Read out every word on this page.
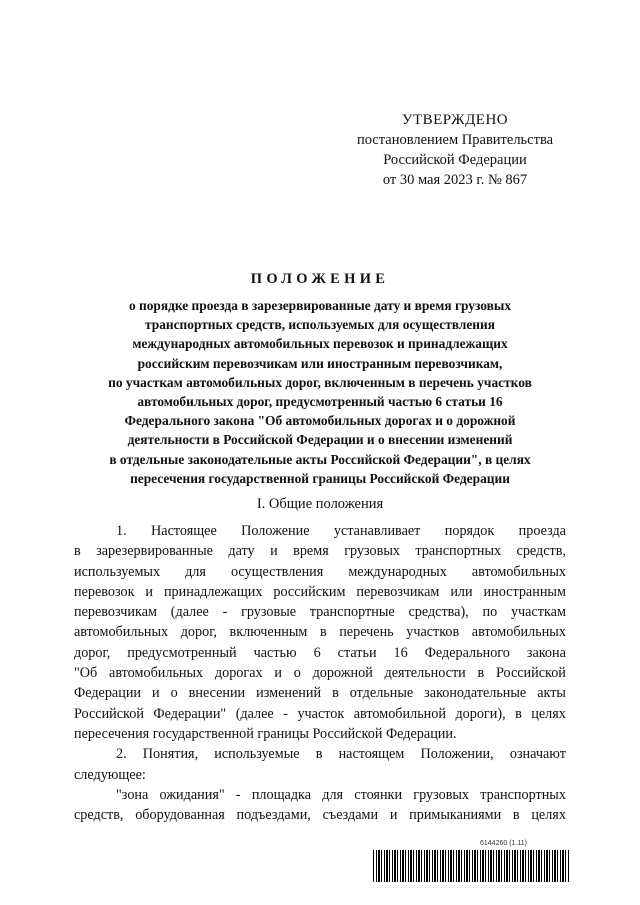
УТВЕРЖДЕНО
постановлением Правительства
Российской Федерации
от 30 мая 2023 г. № 867
ПОЛОЖЕНИЕ
о порядке проезда в зарезервированные дату и время грузовых
транспортных средств, используемых для осуществления
международных автомобильных перевозок и принадлежащих
российским перевозчикам или иностранным перевозчикам,
по участкам автомобильных дорог, включенным в перечень участков
автомобильных дорог, предусмотренный частью 6 статьи 16
Федерального закона "Об автомобильных дорогах и о дорожной
деятельности в Российской Федерации и о внесении изменений
в отдельные законодательные акты Российской Федерации", в целях
пересечения государственной границы Российской Федерации
I. Общие положения
1. Настоящее Положение устанавливает порядок проезда
в зарезервированные дату и время грузовых транспортных средств,
используемых для осуществления международных автомобильных
перевозок и принадлежащих российским перевозчикам или иностранным
перевозчикам (далее - грузовые транспортные средства), по участкам
автомобильных дорог, включенным в перечень участков автомобильных
дорог, предусмотренный частью 6 статьи 16 Федерального закона
"Об автомобильных дорогах и о дорожной деятельности в Российской
Федерации и о внесении изменений в отдельные законодательные акты
Российской Федерации" (далее - участок автомобильной дороги), в целях
пересечения государственной границы Российской Федерации.
2. Понятия, используемые в настоящем Положении, означают
следующее:
"зона ожидания" - площадка для стоянки грузовых транспортных
средств, оборудованная подъездами, съездами и примыканиями в целях
6144260 (1.11)
